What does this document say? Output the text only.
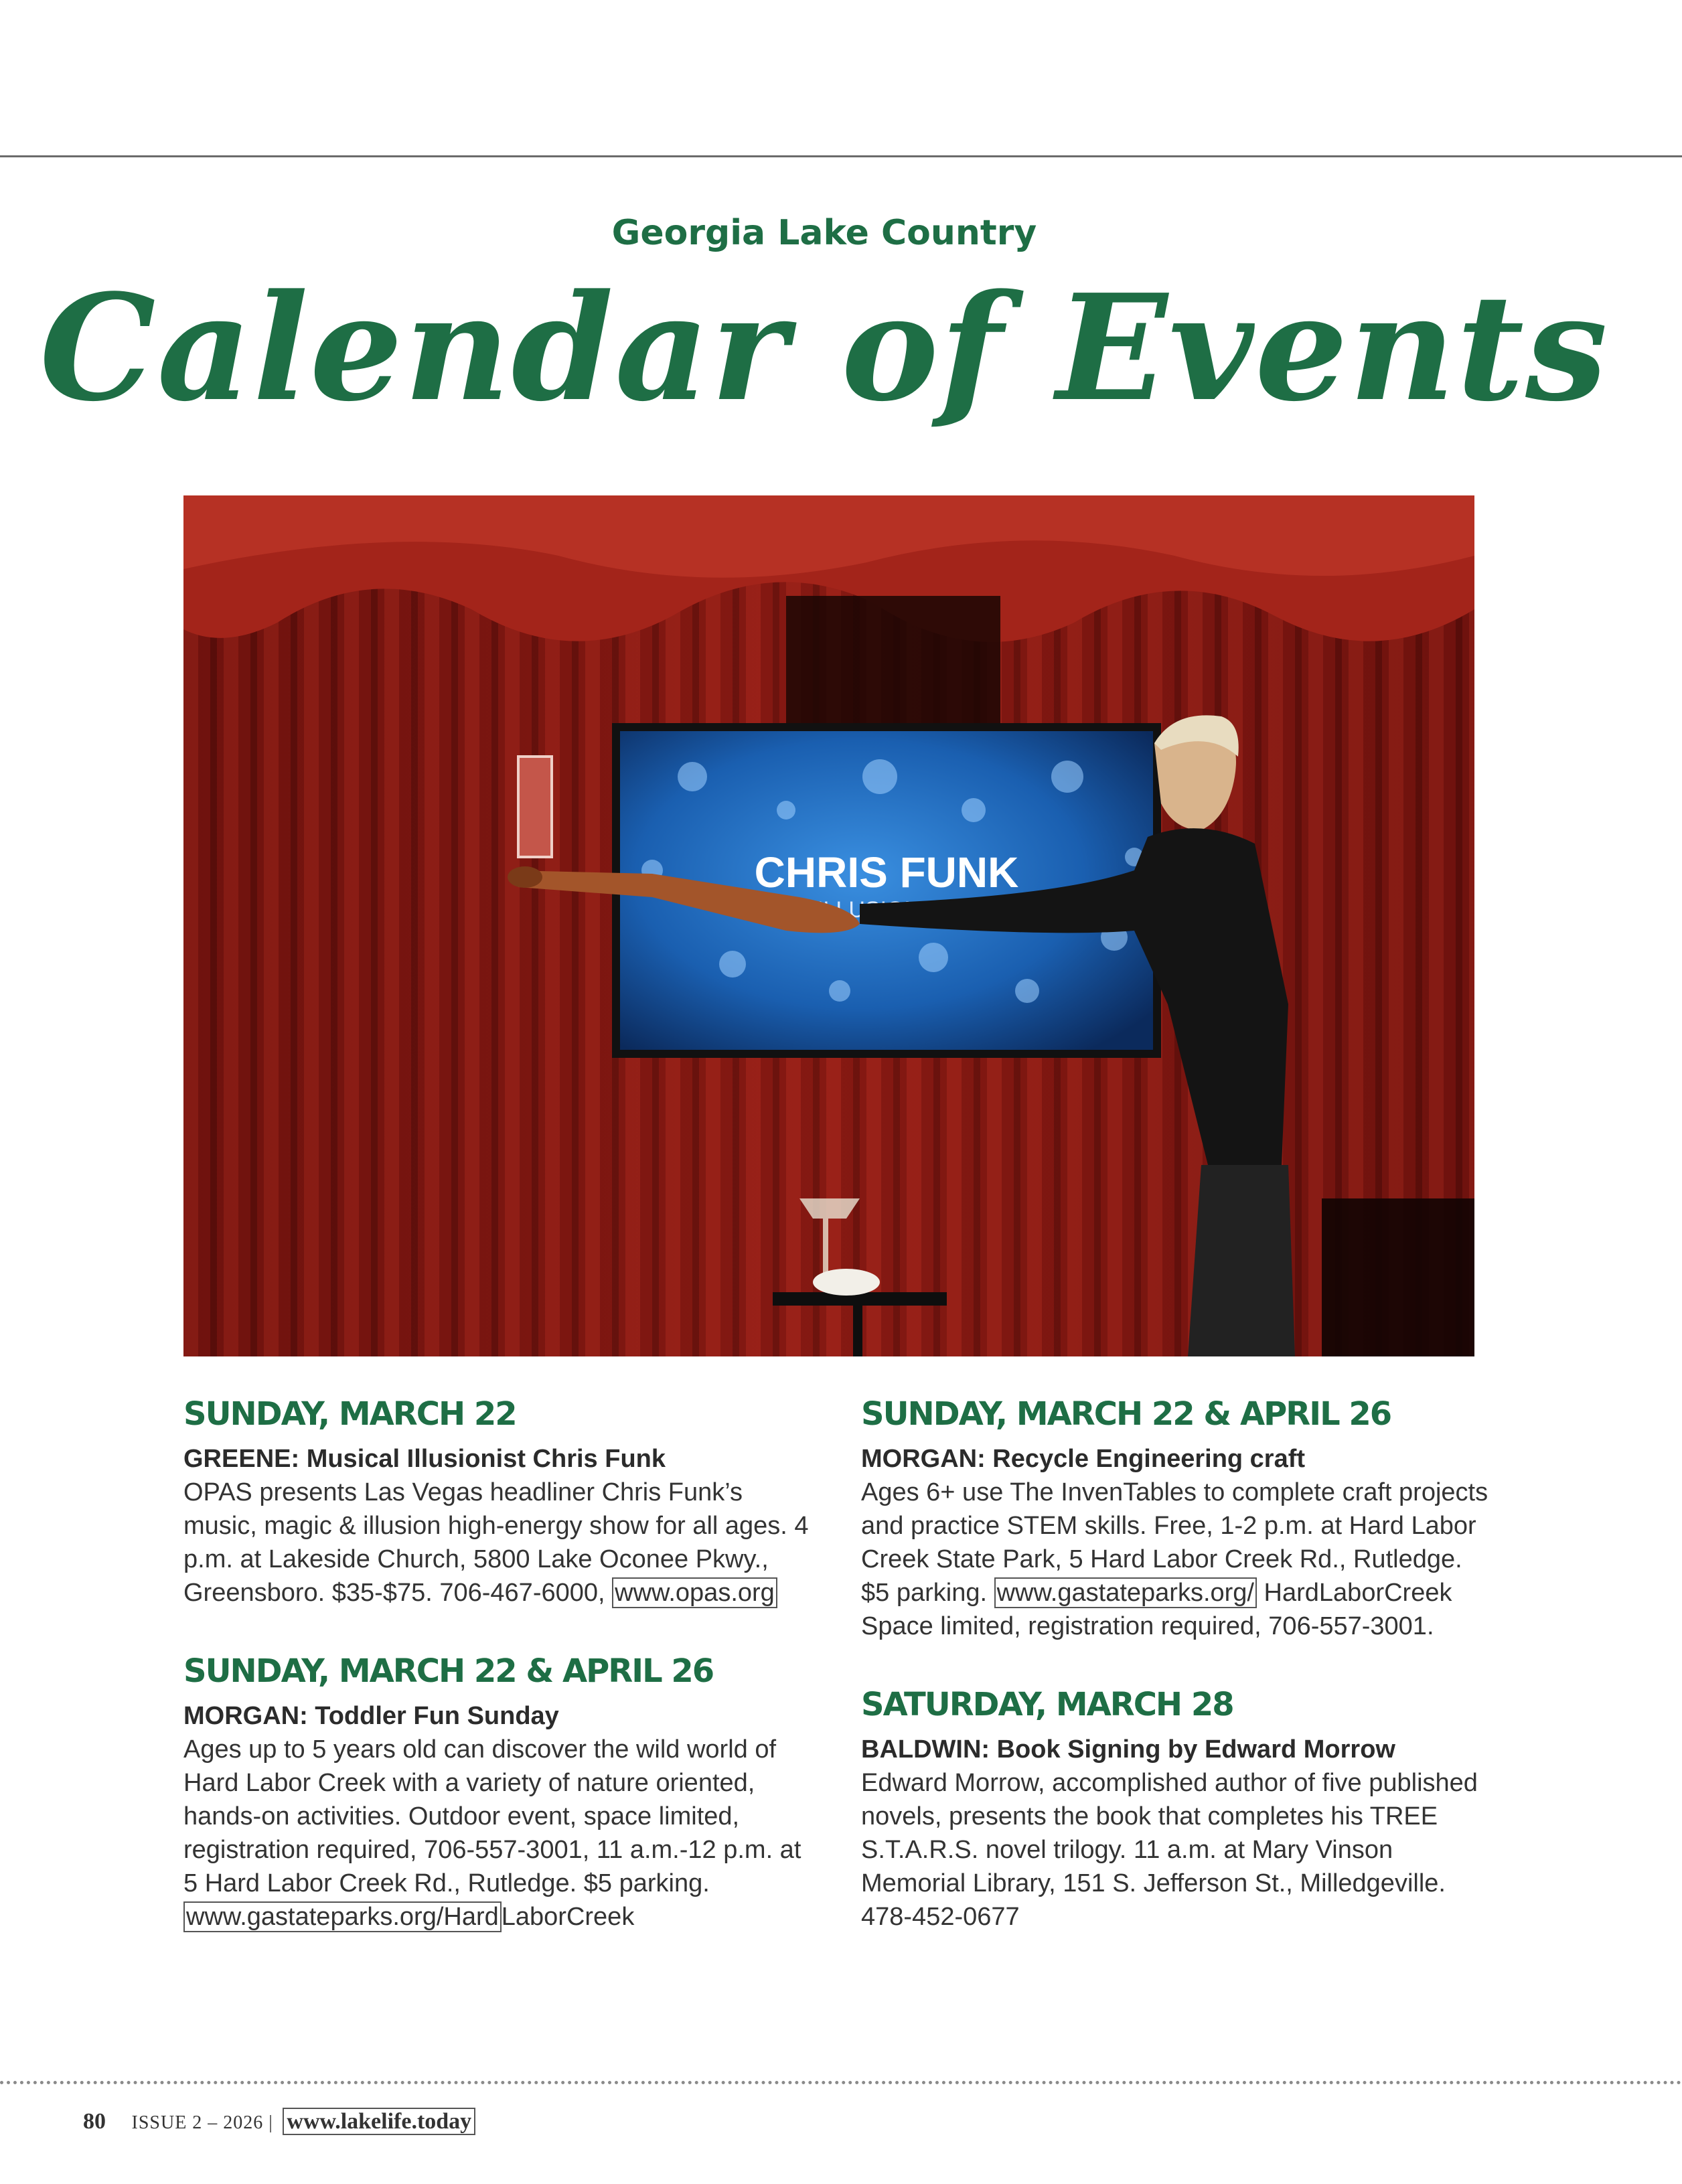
Georgia Lake Country
Calendar of Events
CHRIS FUNK
SUNDAY, MARCH 22
GREENE: Musical Illusionist Chris Funk
OPAS presents Las Vegas headliner Chris Funk’s music, magic & illusion high-energy show for all ages. 4 p.m. at Lakeside Church, 5800 Lake Oconee Pkwy., Greensboro. $35-$75. 706-467-6000, www.opas.org
SUNDAY, MARCH 22 & APRIL 26
MORGAN: Toddler Fun Sunday
Ages up to 5 years old can discover the wild world of Hard Labor Creek with a variety of nature oriented, hands-on activities. Outdoor event, space limited, registration required, 706-557-3001, 11 a.m.-12 p.m. at 5 Hard Labor Creek Rd., Rutledge. $5 parking. www.gastateparks.org/Hard LaborCreek
SUNDAY, MARCH 22 & APRIL 26
MORGAN: Recycle Engineering craft
Ages 6+ use The InvenTables to complete craft projects and practice STEM skills. Free, 1-2 p.m. at Hard Labor Creek State Park, 5 Hard Labor Creek Rd., Rutledge. $5 parking. www.gastateparks.org/ HardLaborCreek Space limited, registration required, 706-557-3001.
SATURDAY, MARCH 28
BALDWIN: Book Signing by Edward Morrow
Edward Morrow, accomplished author of five published novels, presents the book that completes his TREE S.T.A.R.S. novel trilogy. 11 a.m. at Mary Vinson Memorial Library, 151 S. Jefferson St., Milledgeville. 478-452-0677
80 ISSUE 2 – 2026 | www.lakelife.today
